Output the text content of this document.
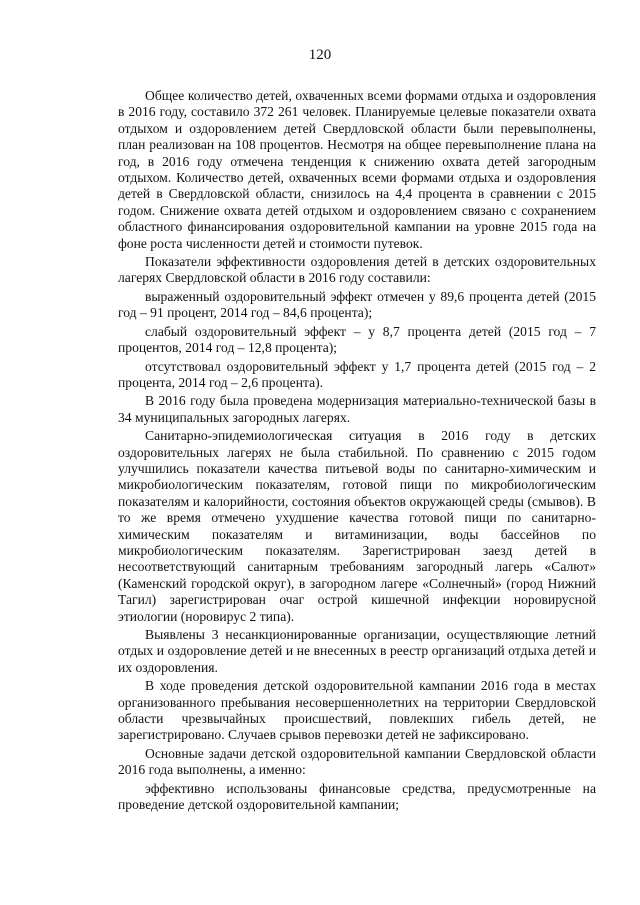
120

Общее количество детей, охваченных всеми формами отдыха и оздоровления в 2016 году, составило 372 261 человек. Планируемые целевые показатели охвата отдыхом и оздоровлением детей Свердловской области были перевыполнены, план реализован на 108 процентов. Несмотря на общее перевыполнение плана на год, в 2016 году отмечена тенденция к снижению охвата детей загородным отдыхом. Количество детей, охваченных всеми формами отдыха и оздоровления детей в Свердловской области, снизилось на 4,4 процента в сравнении с 2015 годом. Снижение охвата детей отдыхом и оздоровлением связано с сохранением областного финансирования оздоровительной кампании на уровне 2015 года на фоне роста численности детей и стоимости путевок.

Показатели эффективности оздоровления детей в детских оздоровительных лагерях Свердловской области в 2016 году составили:

выраженный оздоровительный эффект отмечен у 89,6 процента детей (2015 год – 91 процент, 2014 год – 84,6 процента);

слабый оздоровительный эффект – у 8,7 процента детей (2015 год – 7 процентов, 2014 год – 12,8 процента);

отсутствовал оздоровительный эффект у 1,7 процента детей (2015 год – 2 процента, 2014 год – 2,6 процента).

В 2016 году была проведена модернизация материально-технической базы в 34 муниципальных загородных лагерях.

Санитарно-эпидемиологическая ситуация в 2016 году в детских оздоровительных лагерях не была стабильной. По сравнению с 2015 годом улучшились показатели качества питьевой воды по санитарно-химическим и микробиологическим показателям, готовой пищи по микробиологическим показателям и калорийности, состояния объектов окружающей среды (смывов). В то же время отмечено ухудшение качества готовой пищи по санитарно-химическим показателям и витаминизации, воды бассейнов по микробиологическим показателям. Зарегистрирован заезд детей в несоответствующий санитарным требованиям загородный лагерь «Салют» (Каменский городской округ), в загородном лагере «Солнечный» (город Нижний Тагил) зарегистрирован очаг острой кишечной инфекции норовирусной этиологии (норовирус 2 типа).

Выявлены 3 несанкционированные организации, осуществляющие летний отдых и оздоровление детей и не внесенных в реестр организаций отдыха детей и их оздоровления.

В ходе проведения детской оздоровительной кампании 2016 года в местах организованного пребывания несовершеннолетних на территории Свердловской области чрезвычайных происшествий, повлекших гибель детей, не зарегистрировано. Случаев срывов перевозки детей не зафиксировано.

Основные задачи детской оздоровительной кампании Свердловской области 2016 года выполнены, а именно:

эффективно использованы финансовые средства, предусмотренные на проведение детской оздоровительной кампании;
